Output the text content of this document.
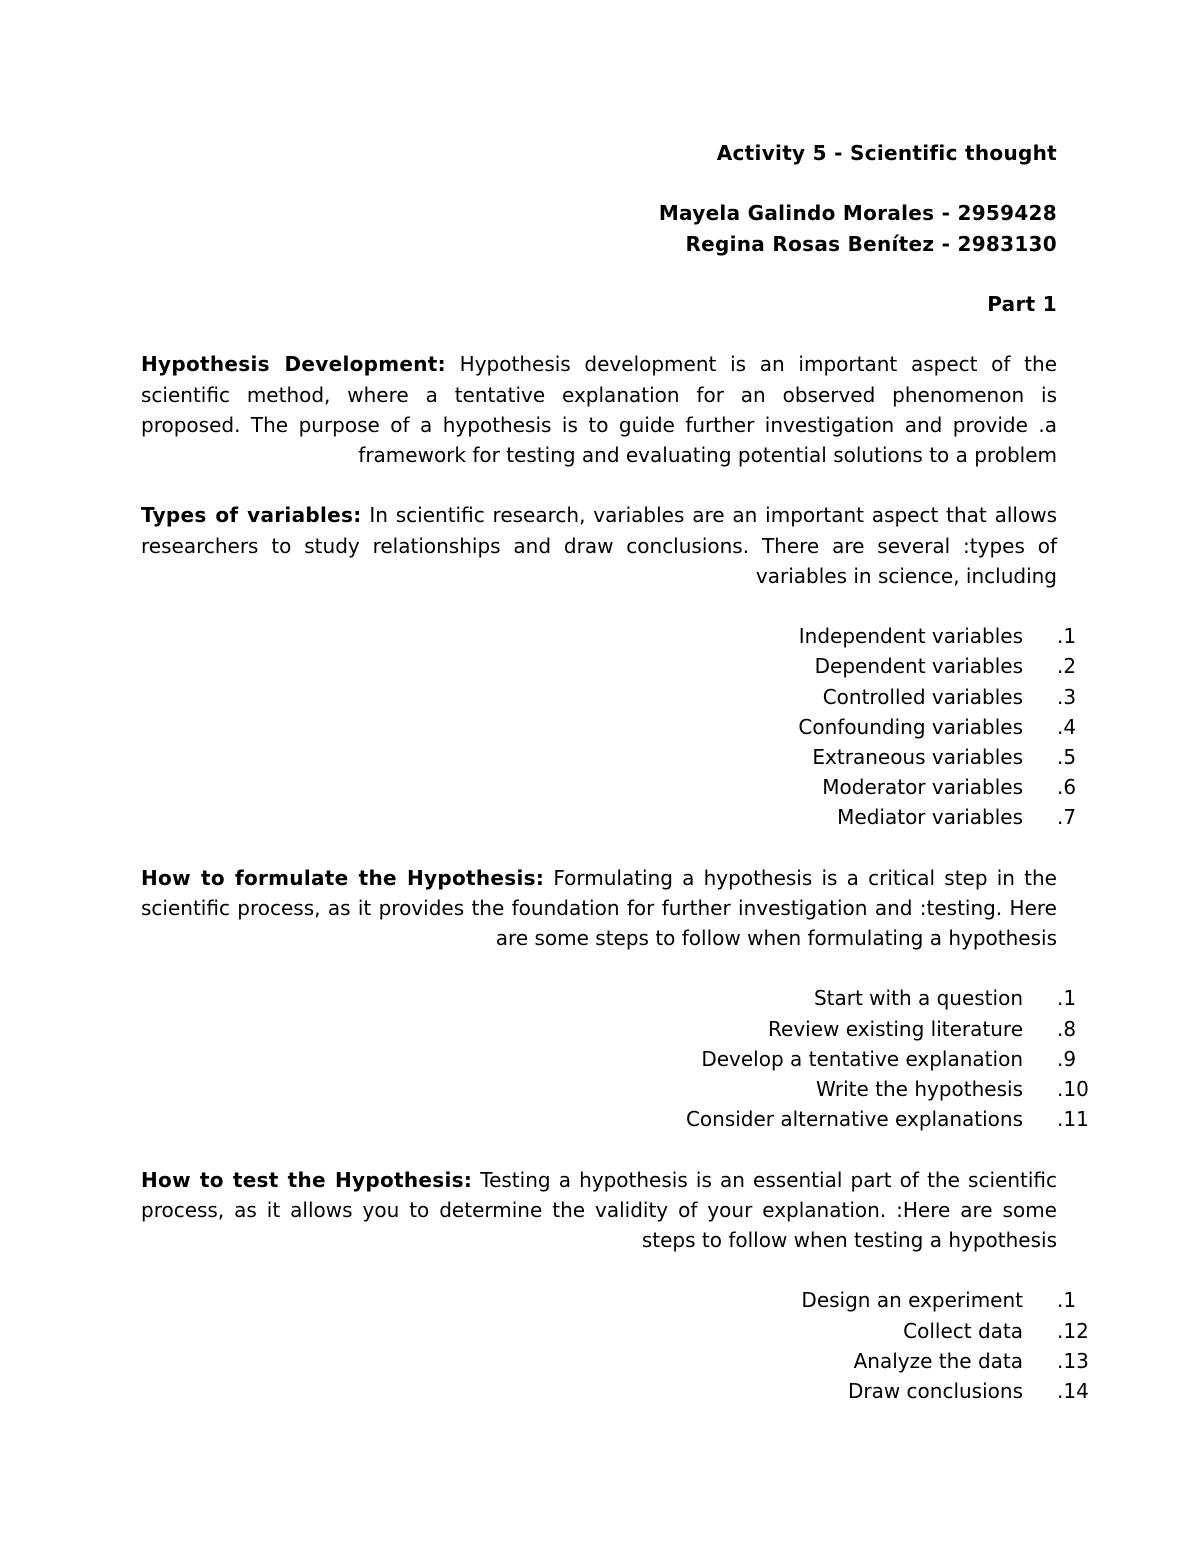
Activity 5 - Scientific thought
Mayela Galindo Morales - 2959428
Regina Rosas Benítez - 2983130
Part 1
Hypothesis Development: Hypothesis development is an important aspect of the scientific method, where a tentative explanation for an observed phenomenon is proposed. The purpose of a hypothesis is to guide further investigation and provide .a framework for testing and evaluating potential solutions to a problem
Types of variables: In scientific research, variables are an important aspect that allows researchers to study relationships and draw conclusions. There are several :types of variables in science, including
Independent variables .1
Dependent variables .2
Controlled variables .3
Confounding variables .4
Extraneous variables .5
Moderator variables .6
Mediator variables .7
How to formulate the Hypothesis: Formulating a hypothesis is a critical step in the scientific process, as it provides the foundation for further investigation and :testing. Here are some steps to follow when formulating a hypothesis
Start with a question .1
Review existing literature .8
Develop a tentative explanation .9
Write the hypothesis .10
Consider alternative explanations .11
How to test the Hypothesis: Testing a hypothesis is an essential part of the scientific process, as it allows you to determine the validity of your explanation. :Here are some steps to follow when testing a hypothesis
Design an experiment .1
Collect data .12
Analyze the data .13
Draw conclusions .14
